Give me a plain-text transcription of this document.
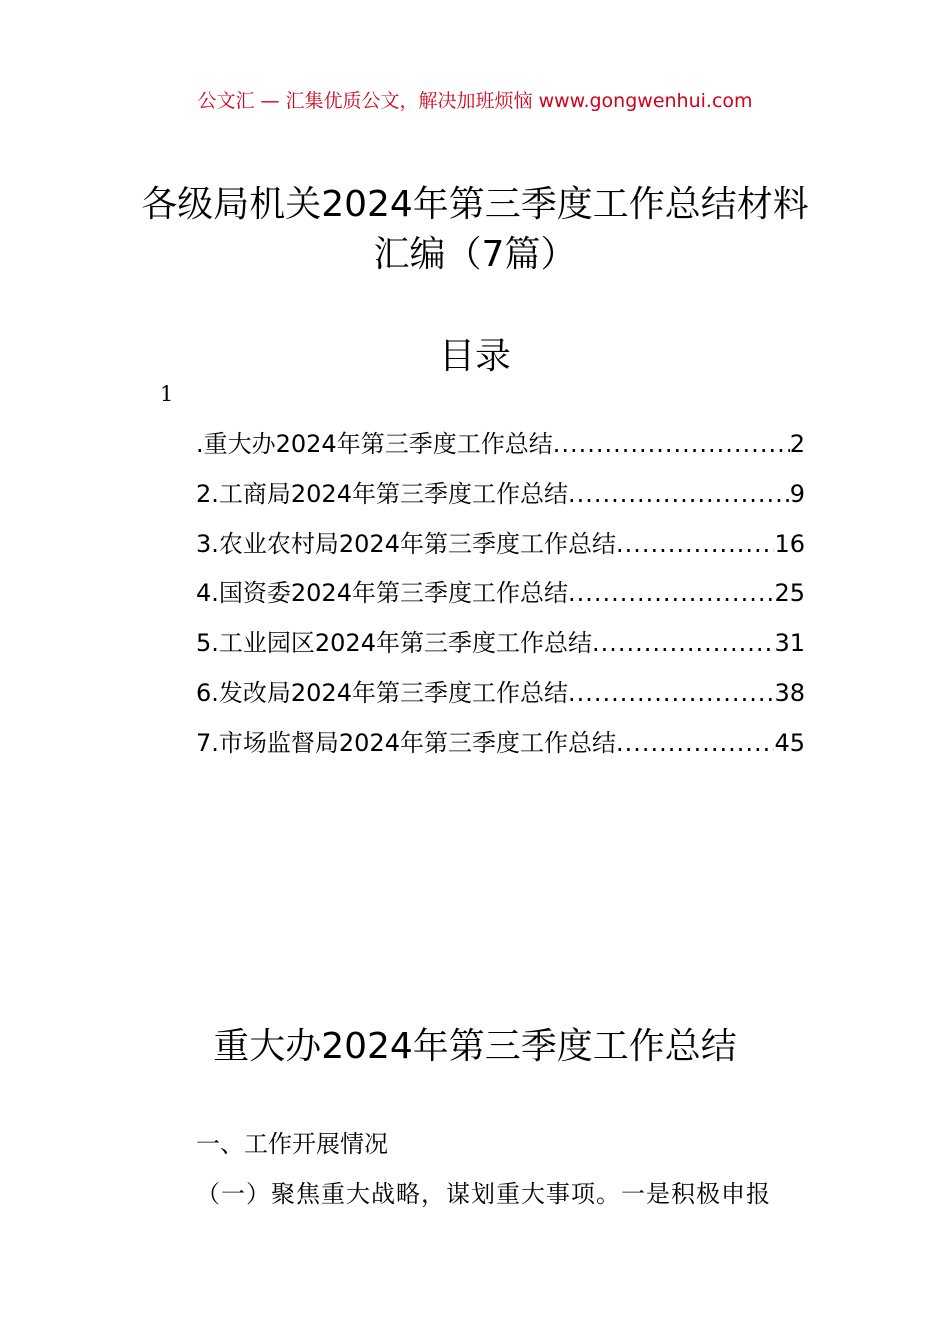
公文汇 — 汇集优质公文，解决加班烦恼 www.gongwenhui.com
各级局机关2024年第三季度工作总结材料
汇编（7篇）
目录
1
.重大办2024年第三季度工作总结 .....	2
2.工商局2024年第三季度工作总结 .....	9
3.农业农村局2024年第三季度工作总结 .....	16
4.国资委2024年第三季度工作总结 .....	25
5.工业园区2024年第三季度工作总结 .....	31
6.发改局2024年第三季度工作总结 .....	38
7.市场监督局2024年第三季度工作总结 .....	45
重大办2024年第三季度工作总结
一、工作开展情况
（一）聚焦重大战略，谋划重大事项。一是积极申报
